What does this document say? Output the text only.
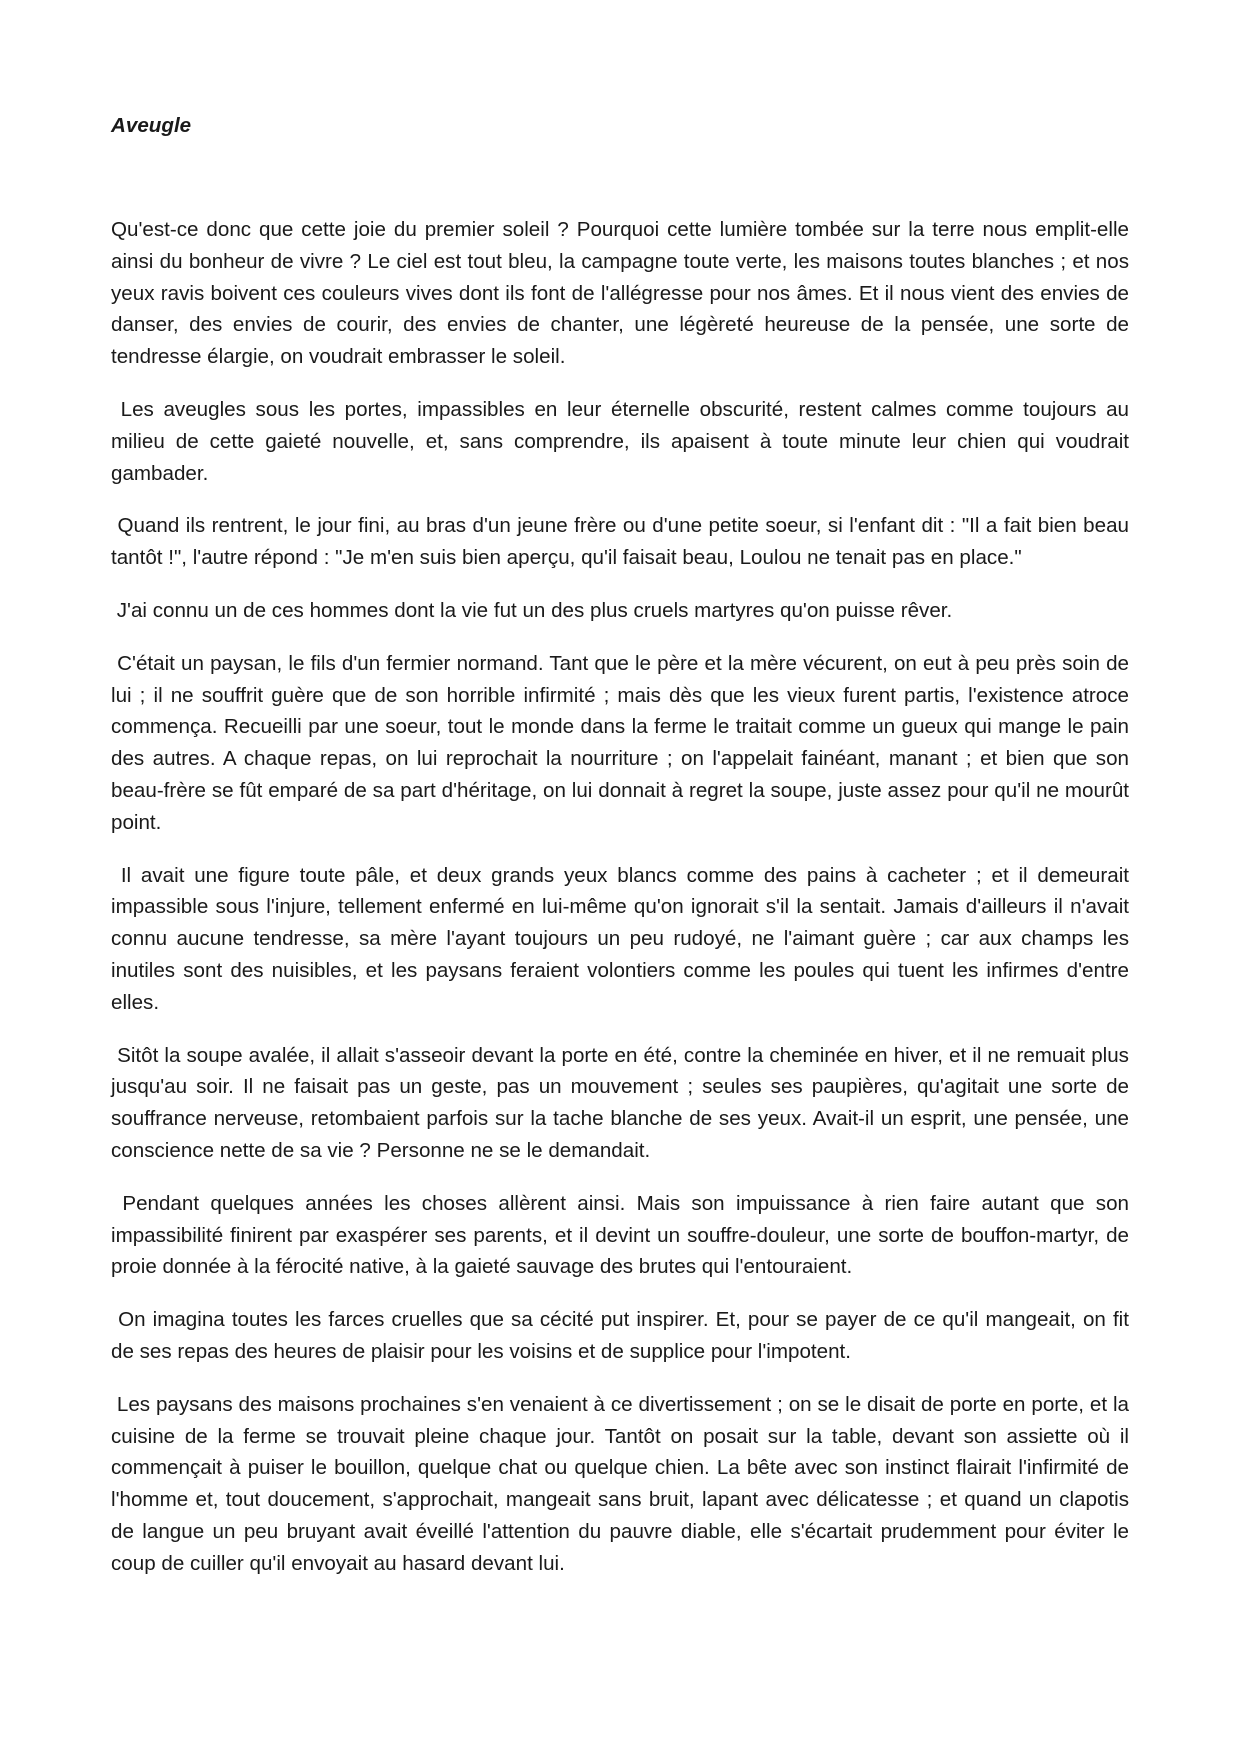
Aveugle

Qu'est-ce donc que cette joie du premier soleil ? Pourquoi cette lumière tombée sur la terre nous emplit-elle ainsi du bonheur de vivre ? Le ciel est tout bleu, la campagne toute verte, les maisons toutes blanches ; et nos yeux ravis boivent ces couleurs vives dont ils font de l'allégresse pour nos âmes. Et il nous vient des envies de danser, des envies de courir, des envies de chanter, une légèreté heureuse de la pensée, une sorte de tendresse élargie, on voudrait embrasser le soleil.

Les aveugles sous les portes, impassibles en leur éternelle obscurité, restent calmes comme toujours au milieu de cette gaieté nouvelle, et, sans comprendre, ils apaisent à toute minute leur chien qui voudrait gambader.

Quand ils rentrent, le jour fini, au bras d'un jeune frère ou d'une petite soeur, si l'enfant dit : "Il a fait bien beau tantôt !", l'autre répond : "Je m'en suis bien aperçu, qu'il faisait beau, Loulou ne tenait pas en place."

J'ai connu un de ces hommes dont la vie fut un des plus cruels martyres qu'on puisse rêver.

C'était un paysan, le fils d'un fermier normand. Tant que le père et la mère vécurent, on eut à peu près soin de lui ; il ne souffrit guère que de son horrible infirmité ; mais dès que les vieux furent partis, l'existence atroce commença. Recueilli par une soeur, tout le monde dans la ferme le traitait comme un gueux qui mange le pain des autres. A chaque repas, on lui reprochait la nourriture ; on l'appelait fainéant, manant ; et bien que son beau-frère se fût emparé de sa part d'héritage, on lui donnait à regret la soupe, juste assez pour qu'il ne mourût point.

Il avait une figure toute pâle, et deux grands yeux blancs comme des pains à cacheter ; et il demeurait impassible sous l'injure, tellement enfermé en lui-même qu'on ignorait s'il la sentait. Jamais d'ailleurs il n'avait connu aucune tendresse, sa mère l'ayant toujours un peu rudoyé, ne l'aimant guère ; car aux champs les inutiles sont des nuisibles, et les paysans feraient volontiers comme les poules qui tuent les infirmes d'entre elles.

Sitôt la soupe avalée, il allait s'asseoir devant la porte en été, contre la cheminée en hiver, et il ne remuait plus jusqu'au soir. Il ne faisait pas un geste, pas un mouvement ; seules ses paupières, qu'agitait une sorte de souffrance nerveuse, retombaient parfois sur la tache blanche de ses yeux. Avait-il un esprit, une pensée, une conscience nette de sa vie ? Personne ne se le demandait.

Pendant quelques années les choses allèrent ainsi. Mais son impuissance à rien faire autant que son impassibilité finirent par exaspérer ses parents, et il devint un souffre-douleur, une sorte de bouffon-martyr, de proie donnée à la férocité native, à la gaieté sauvage des brutes qui l'entouraient.

On imagina toutes les farces cruelles que sa cécité put inspirer. Et, pour se payer de ce qu'il mangeait, on fit de ses repas des heures de plaisir pour les voisins et de supplice pour l'impotent.

Les paysans des maisons prochaines s'en venaient à ce divertissement ; on se le disait de porte en porte, et la cuisine de la ferme se trouvait pleine chaque jour. Tantôt on posait sur la table, devant son assiette où il commençait à puiser le bouillon, quelque chat ou quelque chien. La bête avec son instinct flairait l'infirmité de l'homme et, tout doucement, s'approchait, mangeait sans bruit, lapant avec délicatesse ; et quand un clapotis de langue un peu bruyant avait éveillé l'attention du pauvre diable, elle s'écartait prudemment pour éviter le coup de cuiller qu'il envoyait au hasard devant lui.
